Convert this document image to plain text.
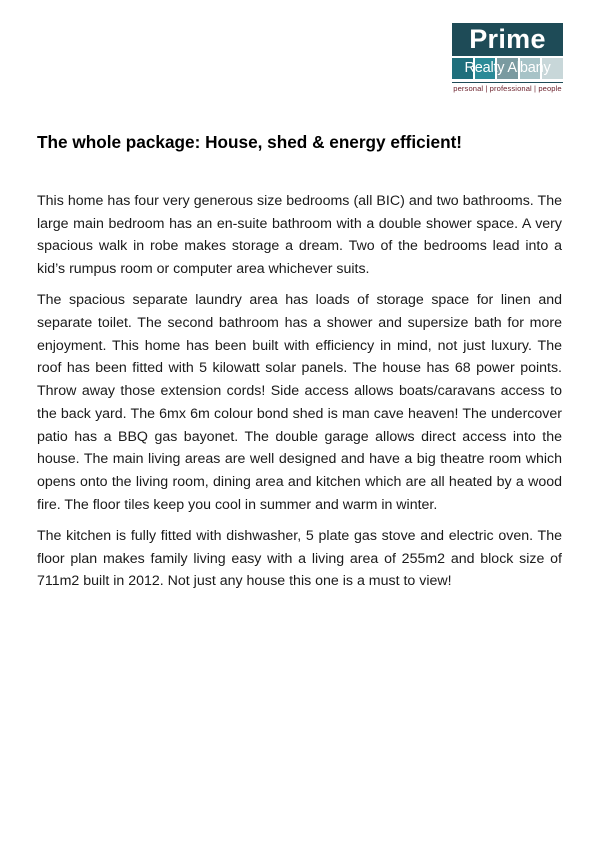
Prime
Realty Albany
personal | professional | people
The whole package: House, shed & energy efficient!

This home has four very generous size bedrooms (all BIC) and two bathrooms. The large main bedroom has an en-suite bathroom with a double shower space. A very spacious walk in robe makes storage a dream. Two of the bedrooms lead into a kid’s rumpus room or computer area whichever suits.

The spacious separate laundry area has loads of storage space for linen and separate toilet. The second bathroom has a shower and supersize bath for more enjoyment. This home has been built with efficiency in mind, not just luxury. The roof has been fitted with 5 kilowatt solar panels. The house has 68 power points. Throw away those extension cords! Side access allows boats/caravans access to the back yard. The 6mx 6m colour bond shed is man cave heaven! The undercover patio has a BBQ gas bayonet. The double garage allows direct access into the house. The main living areas are well designed and have a big theatre room which opens onto the living room, dining area and kitchen which are all heated by a wood fire. The floor tiles keep you cool in summer and warm in winter.

The kitchen is fully fitted with dishwasher, 5 plate gas stove and electric oven. The floor plan makes family living easy with a living area of 255m2 and block size of 711m2 built in 2012. Not just any house this one is a must to view!
